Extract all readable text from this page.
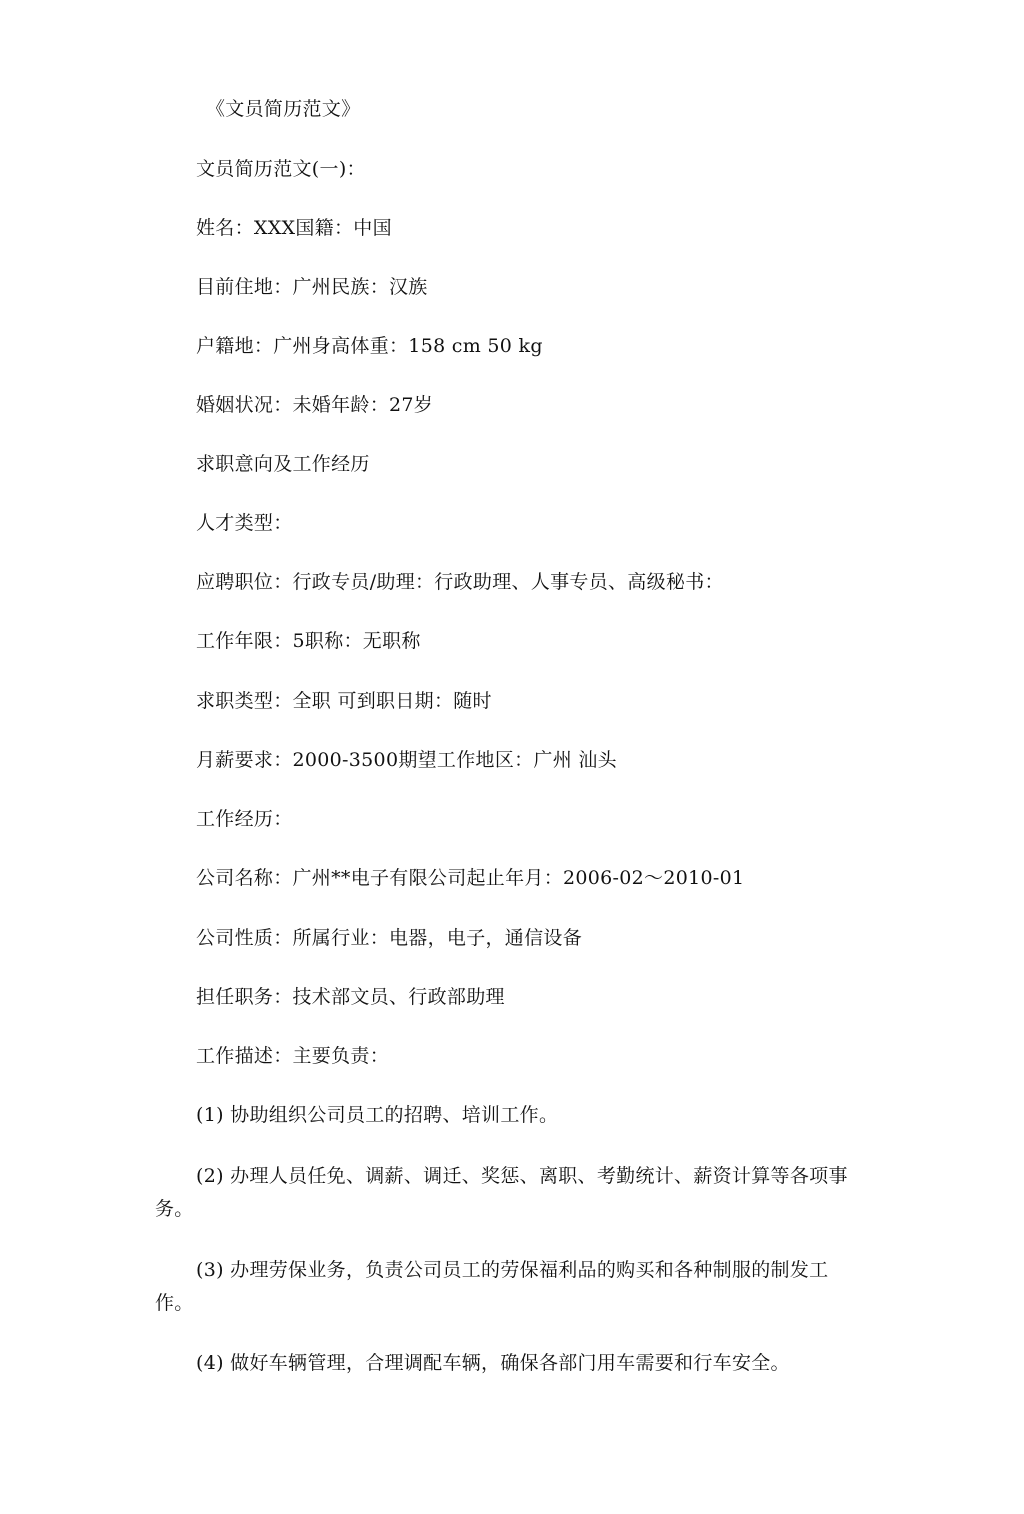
《文员简历范文》
文员简历范文(一)：
姓名：XXX国籍：中国
目前住地：广州民族：汉族
户籍地：广州身高体重：158 cm 50 kg
婚姻状况：未婚年龄：27岁
求职意向及工作经历
人才类型：
应聘职位：行政专员/助理：行政助理、人事专员、高级秘书：
工作年限：5职称：无职称
求职类型：全职 可到职日期：随时
月薪要求：2000-3500期望工作地区：广州 汕头
工作经历：
公司名称：广州**电子有限公司起止年月：2006-02～2010-01
公司性质：所属行业：电器，电子，通信设备
担任职务：技术部文员、行政部助理
工作描述：主要负责：
(1) 协助组织公司员工的招聘、培训工作。
(2) 办理人员任免、调薪、调迁、奖惩、离职、考勤统计、薪资计算等各项事
务。
(3) 办理劳保业务，负责公司员工的劳保福利品的购买和各种制服的制发工
作。
(4) 做好车辆管理，合理调配车辆，确保各部门用车需要和行车安全。
